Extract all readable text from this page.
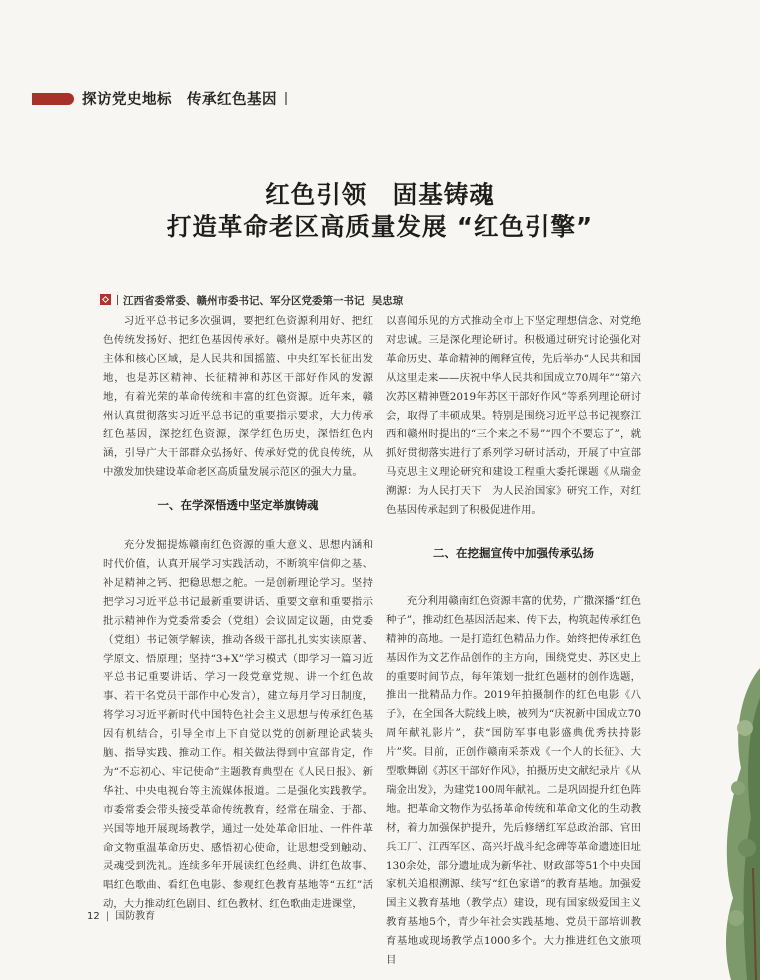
探访党史地标　传承红色基因
红色引领　固基铸魂
打造革命老区高质量发展 “红色引擎”
江西省委常委、赣州市委书记、军分区党委第一书记 吴忠琼

习近平总书记多次强调，要把红色资源利用好、把红色传统发扬好、把红色基因传承好。赣州是原中央苏区的主体和核心区域，是人民共和国摇篮、中央红军长征出发地，也是苏区精神、长征精神和苏区干部好作风的发源地，有着光荣的革命传统和丰富的红色资源。近年来，赣州认真贯彻落实习近平总书记的重要指示要求，大力传承红色基因，深挖红色资源，深学红色历史，深悟红色内涵，引导广大干部群众弘扬好、传承好党的优良传统，从中激发加快建设革命老区高质量发展示范区的强大力量。

一、在学深悟透中坚定举旗铸魂

充分发掘提炼赣南红色资源的重大意义、思想内涵和时代价值，认真开展学习实践活动，不断筑牢信仰之基、补足精神之钙、把稳思想之舵。一是创新理论学习。坚持把学习习近平总书记最新重要讲话、重要文章和重要指示批示精神作为党委常委会（党组）会议固定议题，由党委（党组）书记领学解读，推动各级干部扎扎实实读原著、学原文、悟原理；坚持“3+X”学习模式（即学习一篇习近平总书记重要讲话、学习一段党章党规、讲一个红色故事、若干名党员干部作中心发言），建立每月学习日制度，将学习习近平新时代中国特色社会主义思想与传承红色基因有机结合，引导全市上下自觉以党的创新理论武装头脑、指导实践、推动工作。相关做法得到中宣部肯定，作为“不忘初心、牢记使命”主题教育典型在《人民日报》、新华社、中央电视台等主流媒体报道。二是强化实践教学。市委常委会带头接受革命传统教育，经常在瑞金、于都、兴国等地开展现场教学，通过一处处革命旧址、一件件革命文物重温革命历史、感悟初心使命，让思想受到触动、灵魂受到洗礼。连续多年开展读红色经典、讲红色故事、唱红色歌曲、看红色电影、参观红色教育基地等“五红”活动，大力推动红色剧目、红色教材、红色歌曲走进课堂，

以喜闻乐见的方式推动全市上下坚定理想信念、对党绝对忠诚。三是深化理论研讨。积极通过研究讨论强化对革命历史、革命精神的阐释宣传，先后举办“人民共和国从这里走来——庆祝中华人民共和国成立70周年”“第六次苏区精神暨2019年苏区干部好作风”等系列理论研讨会，取得了丰硕成果。特别是围绕习近平总书记视察江西和赣州时提出的“三个来之不易”“四个不要忘了”，就抓好贯彻落实进行了系列学习研讨活动，开展了中宣部马克思主义理论研究和建设工程重大委托课题《从瑞金溯源：为人民打天下　为人民治国家》研究工作，对红色基因传承起到了积极促进作用。

二、在挖掘宣传中加强传承弘扬

充分利用赣南红色资源丰富的优势，广撒深播“红色种子”，推动红色基因活起来、传下去，构筑起传承红色精神的高地。一是打造红色精品力作。始终把传承红色基因作为文艺作品创作的主方向，围绕党史、苏区史上的重要时间节点，每年策划一批红色题材的创作选题，推出一批精品力作。2019年拍摄制作的红色电影《八子》，在全国各大院线上映，被列为“庆祝新中国成立70周年献礼影片”，获“国防军事电影盛典优秀扶持影片”奖。目前，正创作赣南采茶戏《一个人的长征》、大型歌舞剧《苏区干部好作风》，拍摄历史文献纪录片《从瑞金出发》，为建党100周年献礼。二是巩固提升红色阵地。把革命文物作为弘扬革命传统和革命文化的生动教材，着力加强保护提升，先后修缮红军总政治部、官田兵工厂、江西军区、高兴圩战斗纪念碑等革命遗迹旧址130余处，部分遗址成为新华社、财政部等51个中央国家机关追根溯源、续写“红色家谱”的教育基地。加强爱国主义教育基地（教学点）建设，现有国家级爱国主义教育基地5个，青少年社会实践基地、党员干部培训教育基地或现场教学点1000多个。大力推进红色文旅项目

12 | 国防教育
